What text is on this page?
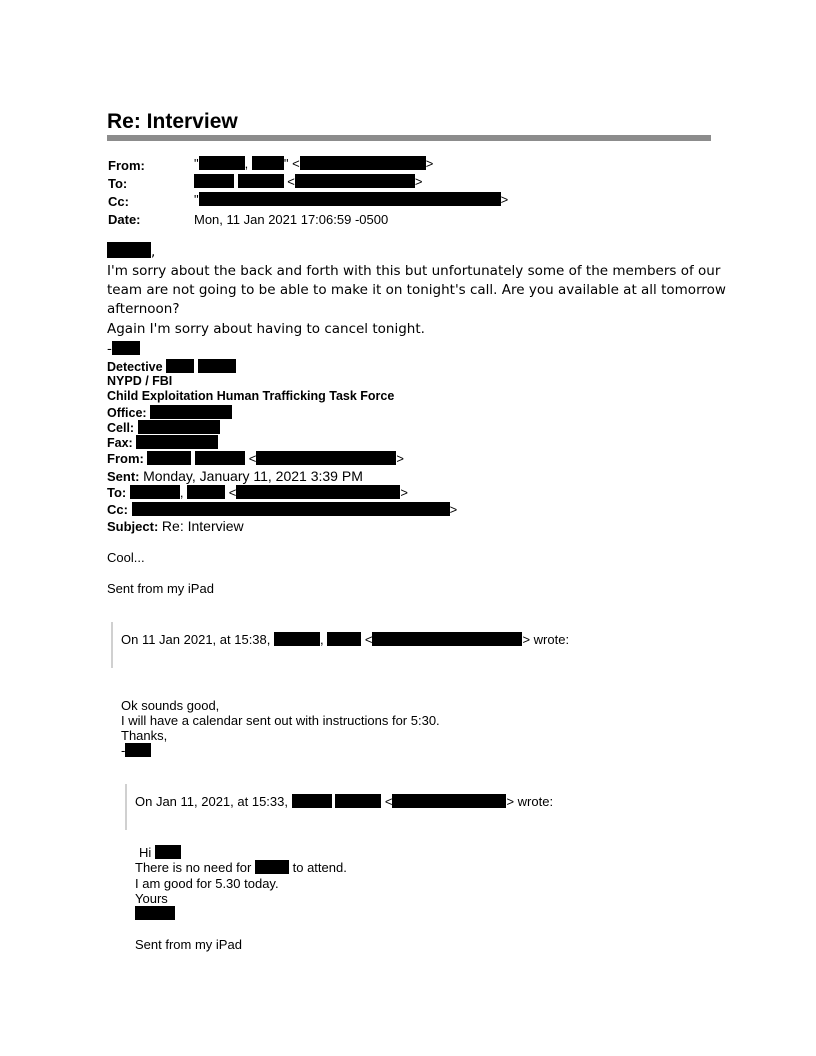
Re: Interview
From:	"	, " <	>
To:	<	>
Cc:	"	>
Date:	Mon, 11 Jan 2021 17:06:59 -0500
,
I'm sorry about the back and forth with this but unfortunately some of the members of our
team are not going to be able to make it on tonight's call. Are you available at all tomorrow
afternoon?
Again I'm sorry about having to cancel tonight.
-
Detective
NYPD / FBI
Child Exploitation Human Trafficking Task Force
Office:
Cell:
Fax:
From:	<	>
Sent: Monday, January 11, 2021 3:39 PM
To:	,	<	>
Cc:	>
Subject: Re: Interview
Cool...
Sent from my iPad
On 11 Jan 2021, at 15:38,	,	<	> wrote:
Ok sounds good,
I will have a calendar sent out with instructions for 5:30.
Thanks,
-
On Jan 11, 2021, at 15:33,	<	> wrote:
Hi
There is no need for	to attend.
I am good for 5.30 today.
Yours
Sent from my iPad
